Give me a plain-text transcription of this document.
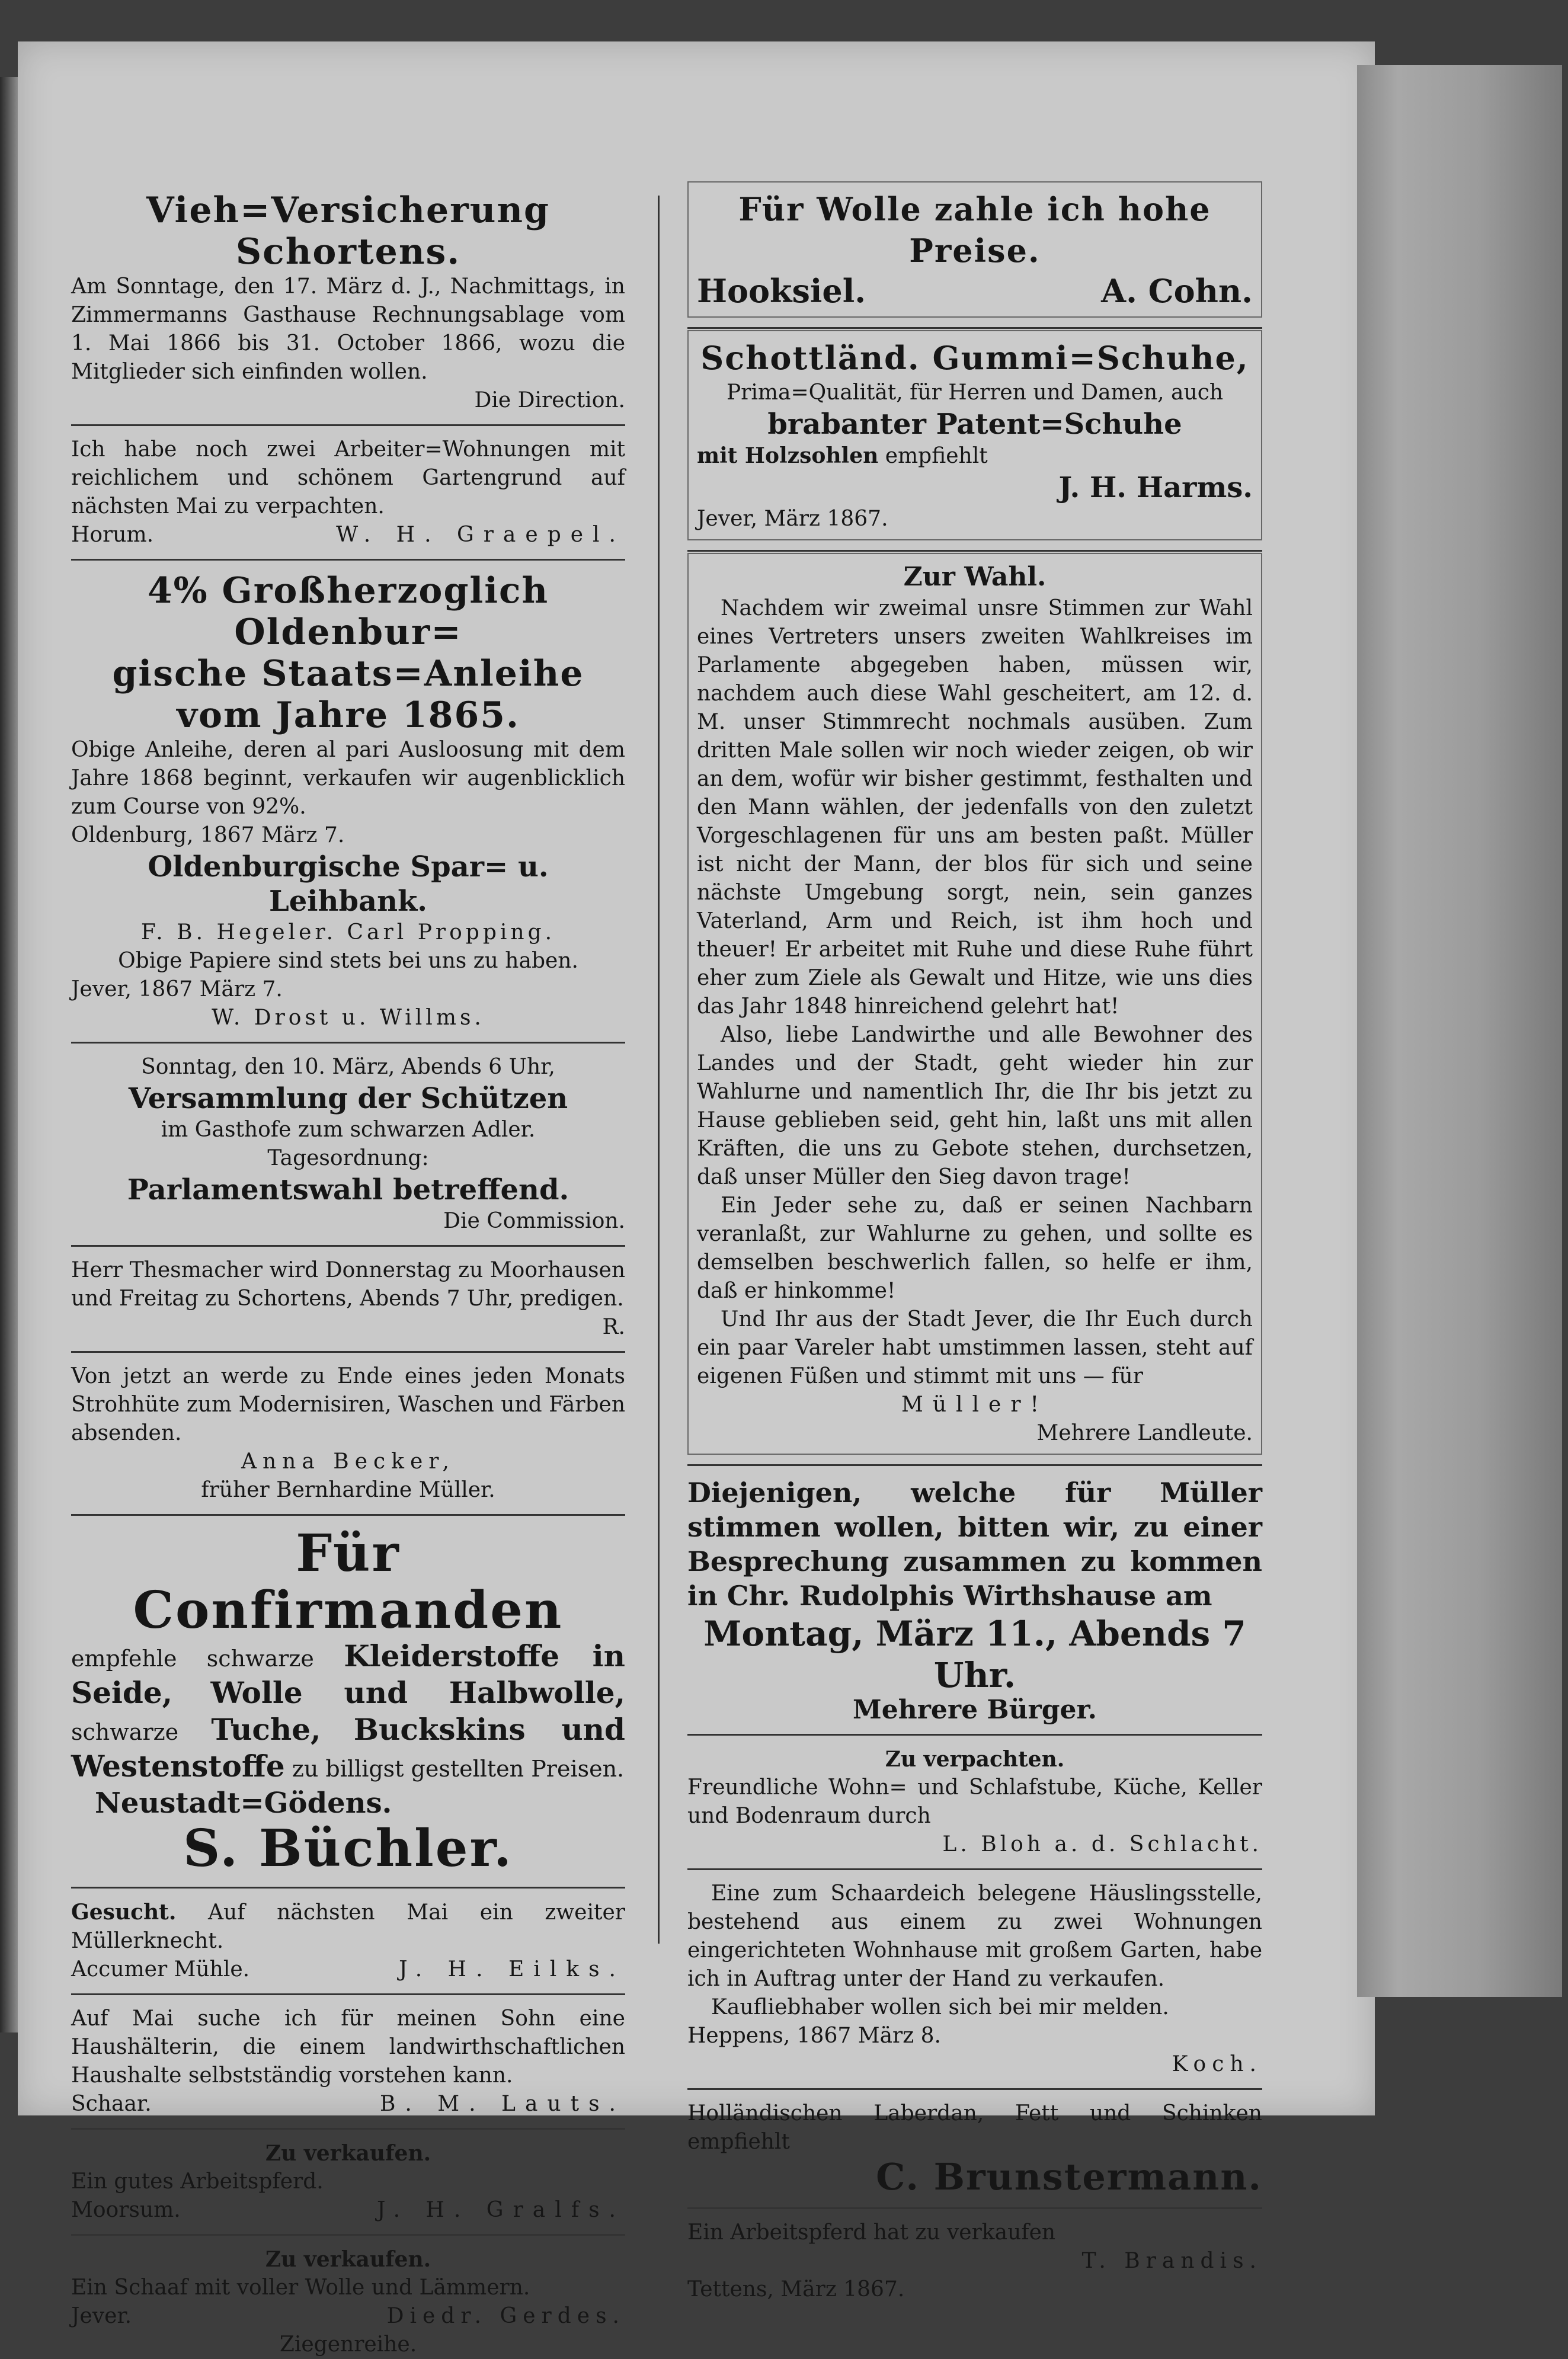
Vieh=Versicherung Schortens.

Am Sonntage, den 17. März d. J., Nachmittags, in Zimmermanns Gasthause Rechnungsablage vom 1. Mai 1866 bis 31. October 1866, wozu die Mitglieder sich einfinden wollen.

Die Direction.

Ich habe noch zwei Arbeiter=Wohnungen mit reichlichem und schönem Gartengrund auf nächsten Mai zu verpachten.

Horum.	W. H. Graepel.

4% Großherzoglich Oldenbur=

gische Staats=Anleihe

vom Jahre 1865.

Obige Anleihe, deren al pari Ausloosung mit dem Jahre 1868 beginnt, verkaufen wir augenblicklich zum Course von 92%.

Oldenburg, 1867 März 7.

Oldenburgische Spar= u. Leihbank.

F. B. Hegeler. Carl Propping.

Obige Papiere sind stets bei uns zu haben.

Jever, 1867 März 7.

W. Drost u. Willms.

Sonntag, den 10. März, Abends 6 Uhr,

Versammlung der Schützen

im Gasthofe zum schwarzen Adler.

Tagesordnung:

Parlamentswahl betreffend.

Die Commission.

Herr Thesmacher wird Donnerstag zu Moorhausen und Freitag zu Schortens, Abends 7 Uhr, predigen.

R.

Von jetzt an werde zu Ende eines jeden Monats Strohhüte zum Modernisiren, Waschen und Färben absenden.

Anna Becker,

früher Bernhardine Müller.

Für Confirmanden

empfehle schwarze Kleiderstoffe in Seide, Wolle und Halbwolle, schwarze Tuche, Buckskins und Westenstoffe zu billigst gestellten Preisen.

Neustadt=Gödens.

S. Büchler.

Gesucht. Auf nächsten Mai ein zweiter Müllerknecht.

Accumer Mühle.	J. H. Eilks.

Auf Mai suche ich für meinen Sohn eine Haushälterin, die einem landwirthschaftlichen Haushalte selbstständig vorstehen kann.

Schaar.	B. M. Lauts.

Zu verkaufen.

Ein gutes Arbeitspferd.

Moorsum.	J. H. Gralfs.

Zu verkaufen.

Ein Schaaf mit voller Wolle und Lämmern.

Jever.	Diedr. Gerdes.

Ziegenreihe.

Für Wolle zahle ich hohe Preise.

Hooksiel.	A. Cohn.

Schottländ. Gummi=Schuhe,

Prima=Qualität, für Herren und Damen, auch

brabanter Patent=Schuhe

mit Holzsohlen empfiehlt

J. H. Harms.

Jever, März 1867.

Zur Wahl.

Nachdem wir zweimal unsre Stimmen zur Wahl eines Vertreters unsers zweiten Wahlkreises im Parlamente abgegeben haben, müssen wir, nachdem auch diese Wahl gescheitert, am 12. d. M. unser Stimmrecht nochmals ausüben. Zum dritten Male sollen wir noch wieder zeigen, ob wir an dem, wofür wir bisher gestimmt, festhalten und den Mann wählen, der jedenfalls von den zuletzt Vorgeschlagenen für uns am besten paßt. Müller ist nicht der Mann, der blos für sich und seine nächste Umgebung sorgt, nein, sein ganzes Vaterland, Arm und Reich, ist ihm hoch und theuer! Er arbeitet mit Ruhe und diese Ruhe führt eher zum Ziele als Gewalt und Hitze, wie uns dies das Jahr 1848 hinreichend gelehrt hat!

Also, liebe Landwirthe und alle Bewohner des Landes und der Stadt, geht wieder hin zur Wahlurne und namentlich Ihr, die Ihr bis jetzt zu Hause geblieben seid, geht hin, laßt uns mit allen Kräften, die uns zu Gebote stehen, durchsetzen, daß unser Müller den Sieg davon trage!

Ein Jeder sehe zu, daß er seinen Nachbarn veranlaßt, zur Wahlurne zu gehen, und sollte es demselben beschwerlich fallen, so helfe er ihm, daß er hinkomme!

Und Ihr aus der Stadt Jever, die Ihr Euch durch ein paar Vareler habt umstimmen lassen, steht auf eigenen Füßen und stimmt mit uns — für

Müller!

Mehrere Landleute.

Diejenigen, welche für Müller stimmen wollen, bitten wir, zu einer Besprechung zusammen zu kommen in Chr. Rudolphis Wirthshause am

Montag, März 11., Abends 7 Uhr.

Mehrere Bürger.

Zu verpachten.

Freundliche Wohn= und Schlafstube, Küche, Keller und Bodenraum durch

L. Bloh a. d. Schlacht.

Eine zum Schaardeich belegene Häuslingsstelle, bestehend aus einem zu zwei Wohnungen eingerichteten Wohnhause mit großem Garten, habe ich in Auftrag unter der Hand zu verkaufen.

Kaufliebhaber wollen sich bei mir melden.

Heppens, 1867 März 8.

Koch.

Holländischen Laberdan, Fett und Schinken empfiehlt

C. Brunstermann.

Ein Arbeitspferd hat zu verkaufen

T. Brandis.

Tettens, März 1867.
